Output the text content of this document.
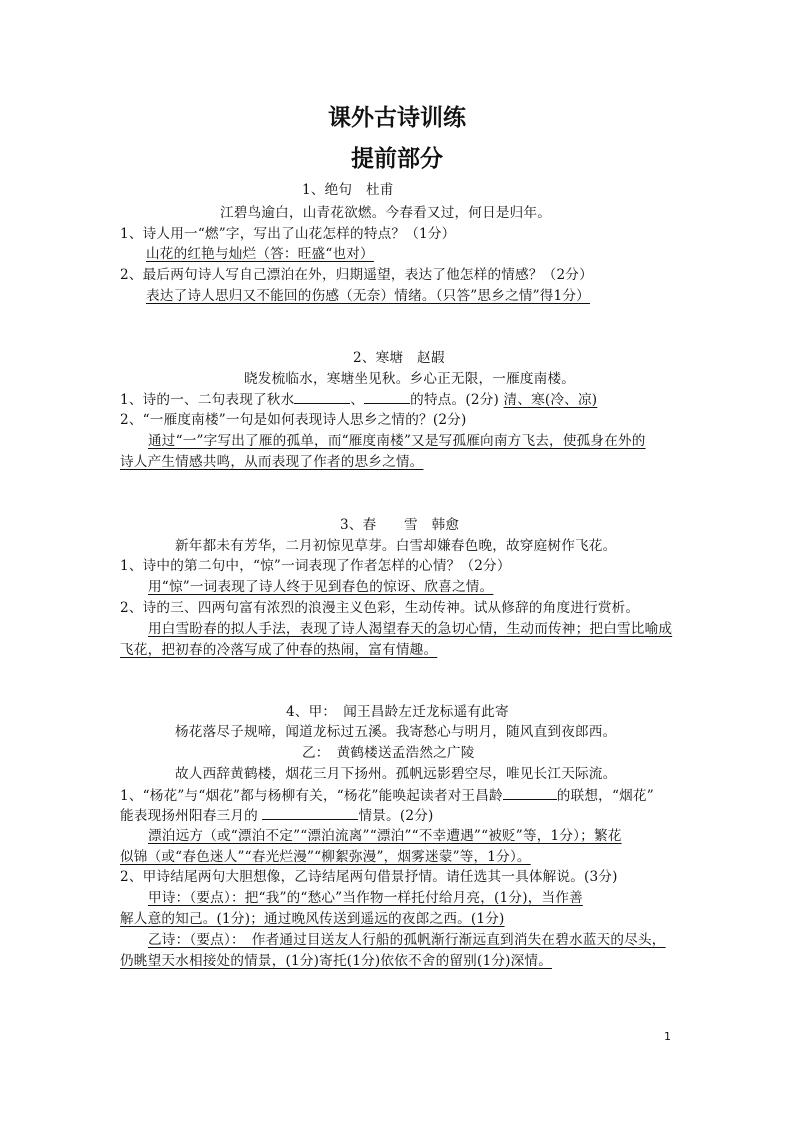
课外古诗训练
提前部分
1、绝句　杜甫
江碧鸟逾白，山青花欲燃。今春看又过，何日是归年。
1、诗人用一“燃”字，写出了山花怎样的特点？（1分）
山花的红艳与灿烂（答：旺盛“也对）
2、最后两句诗人写自己漂泊在外，归期遥望，表达了他怎样的情感？（2分）
表达了诗人思归又不能回的伤感（无奈）情绪。（只答”思乡之情”得1分）
2、寒塘　赵嘏
晓发梳临水，寒塘坐见秋。乡心正无限，一雁度南楼。
1、诗的一、二句表现了秋水	、	的特点。(2分) 清、寒(冷、凉)
2、“一雁度南楼”一句是如何表现诗人思乡之情的？(2分)
通过“一”字写出了雁的孤单，而“雁度南楼”又是写孤雁向南方飞去，使孤身在外的
诗人产生情感共鸣，从而表现了作者的思乡之情。
3、春　　雪　韩愈
新年都未有芳华，二月初惊见草芽。白雪却嫌春色晚，故穿庭树作飞花。
1、诗中的第二句中，“惊”一词表现了作者怎样的心情？（2分）
用“惊”一词表现了诗人终于见到春色的惊讶、欣喜之情。
2、诗的三、四两句富有浓烈的浪漫主义色彩，生动传神。试从修辞的角度进行赏析。
用白雪盼春的拟人手法，表现了诗人渴望春天的急切心情，生动而传神；把白雪比喻成
飞花，把初春的冷落写成了仲春的热闹，富有情趣。
4、甲：　闻王昌龄左迁龙标遥有此寄
杨花落尽子规啼，闻道龙标过五溪。我寄愁心与明月，随风直到夜郎西。
乙：　黄鹤楼送孟浩然之广陵
故人西辞黄鹤楼，烟花三月下扬州。孤帆远影碧空尽，唯见长江天际流。
1、“杨花”与“烟花”都与杨柳有关，“杨花”能唤起读者对王昌龄	的联想，“烟花”
能表现扬州阳春三月的	情景。(2分)
漂泊远方（或“漂泊不定”“漂泊流离”“漂泊”“不幸遭遇”“被贬”等，1分）；繁花
似锦（或“春色迷人”“春光烂漫”“柳絮弥漫”，烟雾迷蒙”等，1分）。
2、甲诗结尾两句大胆想像，乙诗结尾两句借景抒情。请任选其一具体解说。(3分)
甲诗：（要点）：把“我”的“愁心”当作物一样托付给月亮，(1分)，当作善
解人意的知己。(1分)；通过晚风传送到遥远的夜郎之西。(1分)
乙诗：（要点）：　作者通过目送友人行船的孤帆渐行渐远直到消失在碧水蓝天的尽头，
仍眺望天水相接处的情景，(1分)寄托(1分)依依不舍的留别(1分)深情。
1
